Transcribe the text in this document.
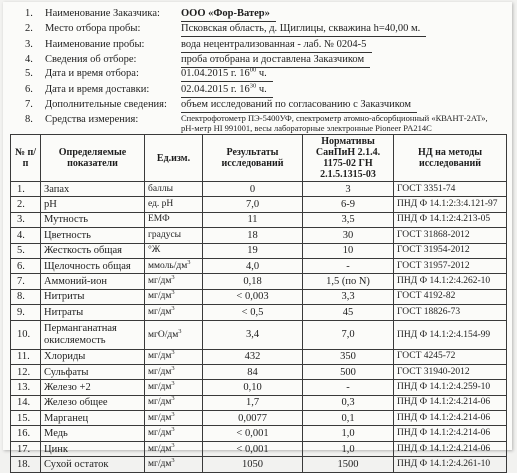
1.	Наименование Заказчика: ООО «Фор-Ватер»
2.	Место отбора пробы:	Псковская область, д. Щиглицы, скважина h=40,00 м.
3.	Наименование пробы:	вода нецентрализованная - лаб. № 0204-5
4.	Сведения об отборе:	проба отобрана и доставлена Заказчиком
5.	Дата и время отбора:	01.04.2015 г. $16^{00}$ ч.
6.	Дата и время доставки:	02.04.2015 г. $16^{30}$ ч.
7.	Дополнительные сведения: объем исследований по согласованию с Заказчиком
8.	Средства измерения:	Спектрофотометр ПЭ-5400УФ, спектрометр атомно-абсорбционный «КВАНТ-2АТ»,
рН-метр HI 991001, весы лабораторные электронные Pioneer PA214C
№ п/п	Определяемые показатели	Ед.изм.	Результаты исследований	Нормативы СанПиН 2.1.4. 1175-02 ГН 2.1.5.1315-03	НД на методы исследований
1.	Запах	баллы	0	3	ГОСТ 3351-74
2.	pH	ед. pH	7,0	6-9	ПНД Ф 14.1:2:3:4.121-97
3.	Мутность	ЕМФ	11	3,5	ПНД Ф 14.1:2:4.213-05
4.	Цветность	градусы	18	30	ГОСТ 31868-2012
5.	Жесткость общая	°Ж	19	10	ГОСТ 31954-2012
6.	Щелочность общая	ммоль/$дм^3$	4,0	-	ГОСТ 31957-2012
7.	Аммоний-ион	$мг/дм^3$	0,18	1,5 (по N)	ПНД Ф 14.1:2:4.262-10
8.	Нитриты	$мг/дм^3$	< 0,003	3,3	ГОСТ 4192-82
9.	Нитраты	$мг/дм^3$	< 0,5	45	ГОСТ 18826-73
10.	Перманганатная окисляемость	мгО/$дм^3$	3,4	7,0	ПНД Ф 14.1:2:4.154-99
11.	Хлориды	$мг/дм^3$	432	350	ГОСТ 4245-72
12.	Сульфаты	$мг/дм^3$	84	500	ГОСТ 31940-2012
13.	Железо +2	$мг/дм^3$	0,10	-	ПНД Ф 14.1:2:4.259-10
14.	Железо общее	$мг/дм^3$	1,7	0,3	ПНД Ф 14.1:2:4.214-06
15.	Марганец	$мг/дм^3$	0,0077	0,1	ПНД Ф 14.1:2:4.214-06
16.	Медь	$мг/дм^3$	< 0,001	1,0	ПНД Ф 14.1:2:4.214-06
17.	Цинк	$мг/дм^3$	< 0,001	1,0	ПНД Ф 14.1:2:4.214-06
18.	Сухой остаток	$мг/дм^3$	1050	1500	ПНД Ф 14.1:2:4.261-10
